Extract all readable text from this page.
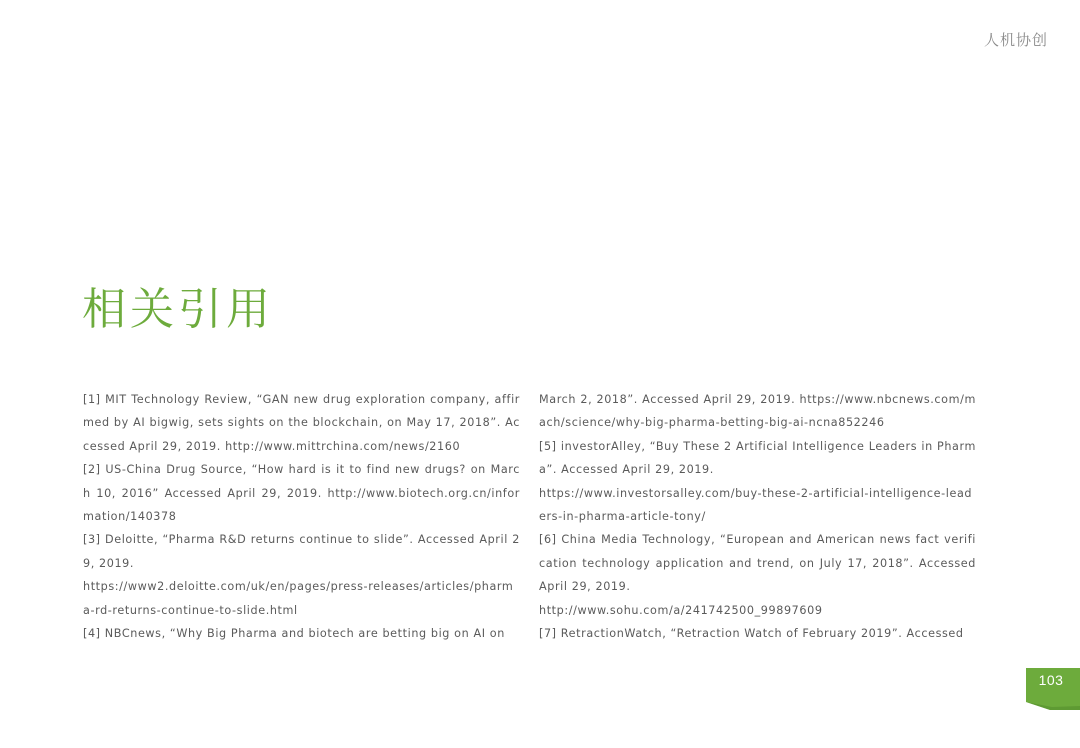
人机协创
相关引用

[1] MIT Technology Review, “GAN new drug exploration company, affirmed by AI bigwig, sets sights on the blockchain, on May 17, 2018”. Accessed April 29, 2019. http://www.mittrchina.com/news/2160

[2] US-China Drug Source, “How hard is it to find new drugs? on March 10, 2016” Accessed April 29, 2019. http://www.biotech.org.cn/information/140378

[3] Deloitte, “Pharma R&D returns continue to slide”. Accessed April 29, 2019.

https://www2.deloitte.com/uk/en/pages/press-releases/articles/pharma-rd-returns-continue-to-slide.html

[4] NBCnews, “Why Big Pharma and biotech are betting big on AI on

March 2, 2018”. Accessed April 29, 2019. https://www.nbcnews.com/mach/science/why-big-pharma-betting-big-ai-ncna852246

[5] investorAlley, “Buy These 2 Artificial Intelligence Leaders in Pharma”. Accessed April 29, 2019.

https://www.investorsalley.com/buy-these-2-artificial-intelligence-leaders-in-pharma-article-tony/

[6] China Media Technology, “European and American news fact verification technology application and trend, on July 17, 2018”. Accessed April 29, 2019.

http://www.sohu.com/a/241742500_99897609

[7] RetractionWatch, “Retraction Watch of February 2019”. Accessed

103
